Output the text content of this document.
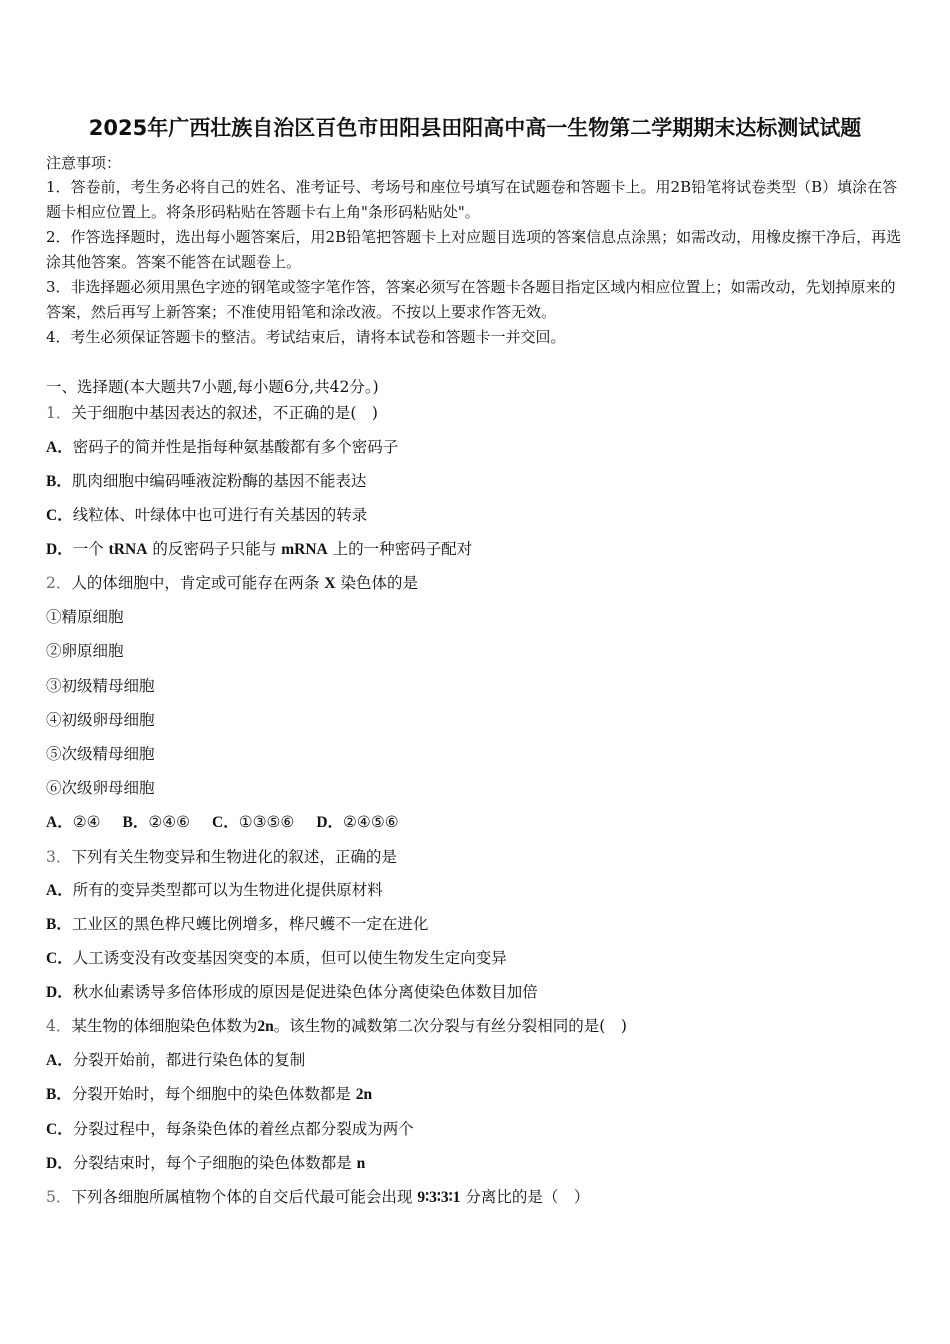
2025年广西壮族自治区百色市田阳县田阳高中高一生物第二学期期末达标测试试题
注意事项：
1．答卷前，考生务必将自己的姓名、准考证号、考场号和座位号填写在试题卷和答题卡上。用2B铅笔将试卷类型（B）填涂在答题卡相应位置上。将条形码粘贴在答题卡右上角"条形码粘贴处"。
2．作答选择题时，选出每小题答案后，用2B铅笔把答题卡上对应题目选项的答案信息点涂黑；如需改动，用橡皮擦干净后，再选涂其他答案。答案不能答在试题卷上。
3．非选择题必须用黑色字迹的钢笔或签字笔作答，答案必须写在答题卡各题目指定区域内相应位置上；如需改动，先划掉原来的答案，然后再写上新答案；不准使用铅笔和涂改液。不按以上要求作答无效。
4．考生必须保证答题卡的整洁。考试结束后，请将本试卷和答题卡一并交回。
一、选择题(本大题共7小题,每小题6分,共42分。)
1．关于细胞中基因表达的叙述，不正确的是(　)
A．密码子的简并性是指每种氨基酸都有多个密码子
B．肌肉细胞中编码唾液淀粉酶的基因不能表达
C．线粒体、叶绿体中也可进行有关基因的转录
D．一个 tRNA 的反密码子只能与 mRNA 上的一种密码子配对
2．人的体细胞中，肯定或可能存在两条 X 染色体的是
①精原细胞
②卵原细胞
③初级精母细胞
④初级卵母细胞
⑤次级精母细胞
⑥次级卵母细胞
A．②④ B．②④⑥ C．①③⑤⑥ D．②④⑤⑥
3．下列有关生物变异和生物进化的叙述，正确的是
A．所有的变异类型都可以为生物进化提供原材料
B．工业区的黑色桦尺蠖比例增多，桦尺蠖不一定在进化
C．人工诱变没有改变基因突变的本质，但可以使生物发生定向变异
D．秋水仙素诱导多倍体形成的原因是促进染色体分离使染色体数目加倍
4．某生物的体细胞染色体数为2n。该生物的减数第二次分裂与有丝分裂相同的是(　)
A．分裂开始前，都进行染色体的复制
B．分裂开始时，每个细胞中的染色体数都是 2n
C．分裂过程中，每条染色体的着丝点都分裂成为两个
D．分裂结束时，每个子细胞的染色体数都是 n
5．下列各细胞所属植物个体的自交后代最可能会出现 9∶3∶3∶1 分离比的是（　）
